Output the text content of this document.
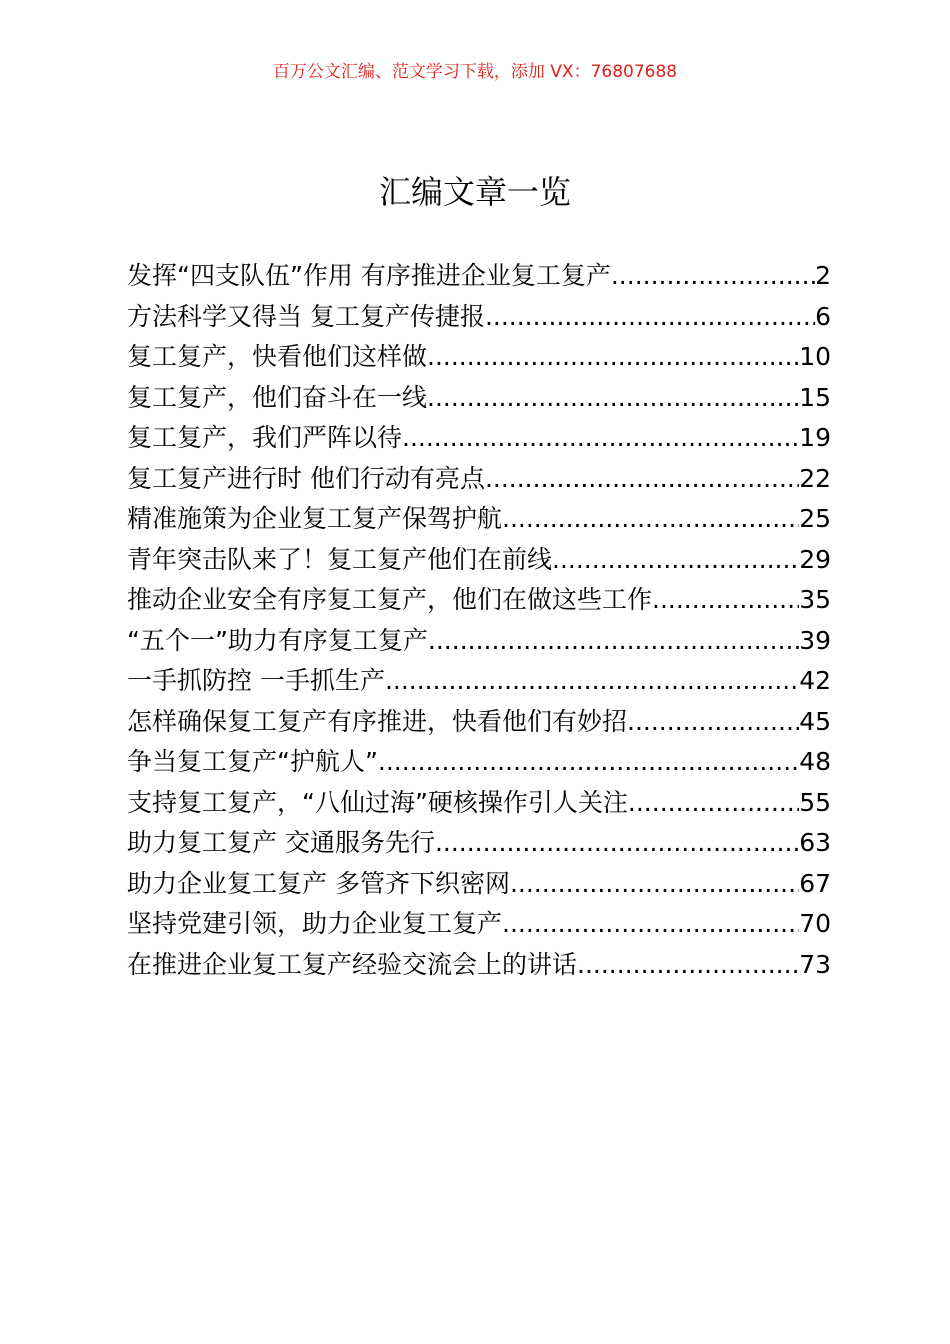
百万公文汇编、范文学习下载，添加 VX：76807688
汇编文章一览
发挥“四支队伍”作用 有序推进企业复工复产 .....	2
方法科学又得当 复工复产传捷报 .....	6
复工复产，快看他们这样做 .....	10
复工复产，他们奋斗在一线 .....	15
复工复产，我们严阵以待 .....	19
复工复产进行时 他们行动有亮点 .....	22
精准施策为企业复工复产保驾护航 .....	25
青年突击队来了！复工复产他们在前线 .....	29
推动企业安全有序复工复产，他们在做这些工作 .....	35
“五个一”助力有序复工复产 .....	39
一手抓防控 一手抓生产 .....	42
怎样确保复工复产有序推进，快看他们有妙招 .....	45
争当复工复产“护航人” .....	48
支持复工复产，“八仙过海”硬核操作引人关注 .....	55
助力复工复产 交通服务先行 .....	63
助力企业复工复产 多管齐下织密网 .....	67
坚持党建引领，助力企业复工复产 .....	70
在推进企业复工复产经验交流会上的讲话 .....	73
